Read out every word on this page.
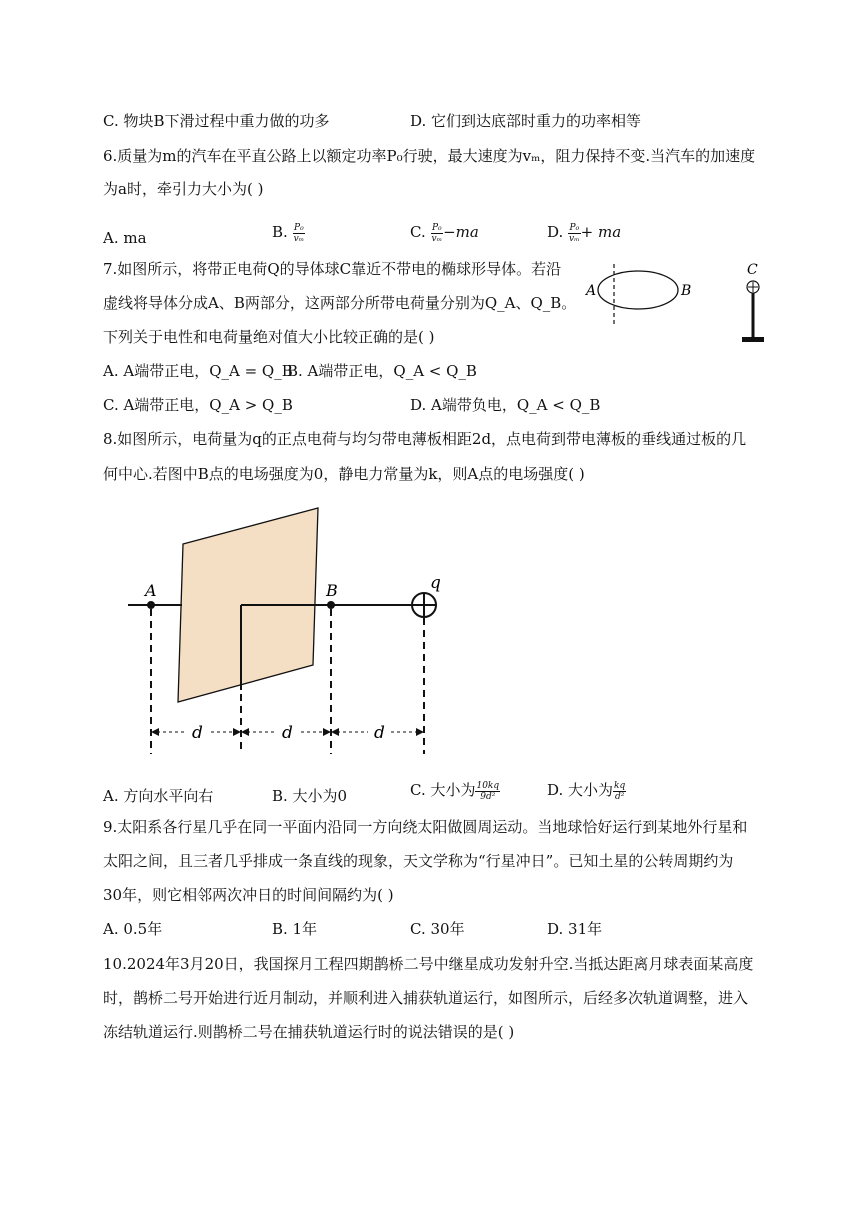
C. 物块B下滑过程中重力做的功多	D. 它们到达底部时重力的功率相等
6.质量为m的汽车在平直公路上以额定功率P₀行驶，最大速度为vₘ，阻力保持不变.当汽车的加速度
为a时，牵引力大小为( )
A. ma	B. $\frac{\text{P₀}}{\text{vₘ}}$	C. $\frac{\text{P₀}}{\text{vₘ}} -ma$	D. $\frac{\text{P₀}}{\text{vₘ}}$ + ma
7.如图所示，将带正电荷Q的导体球C靠近不带电的椭球形导体。若沿
虚线将导体分成A、B两部分，这两部分所带电荷量分别为Q_A、Q_B。
下列关于电性和电荷量绝对值大小比较正确的是( )
A	B
C
A. A端带正电，Q_A = Q_B
B. A端带正电，Q_A < Q_B
C. A端带正电，Q_A > Q_B	D. A端带负电，Q_A < Q_B
8.如图所示，电荷量为q的正点电荷与均匀带电薄板相距2d，点电荷到带电薄板的垂线通过板的几
何中心.若图中B点的电场强度为0，静电力常量为k，则A点的电场强度( )
A	B	q
d	d	d
A. 方向水平向右	B. 大小为0	C. 大小为 $\frac{10kq}{\text{9d²}}$	D. 大小为 $\frac{kq}{\text{d²}}$
9.太阳系各行星几乎在同一平面内沿同一方向绕太阳做圆周运动。当地球恰好运行到某地外行星和
太阳之间，且三者几乎排成一条直线的现象，天文学称为“行星冲日”。已知土星的公转周期约为
30年，则它相邻两次冲日的时间间隔约为( )
A. 0.5年	B. 1年	C. 30年	D. 31年
10.2024年3月20日，我国探月工程四期鹊桥二号中继星成功发射升空.当抵达距离月球表面某高度
时，鹊桥二号开始进行近月制动，并顺利进入捕获轨道运行，如图所示，后经多次轨道调整，进入
冻结轨道运行.则鹊桥二号在捕获轨道运行时的说法错误的是( )
